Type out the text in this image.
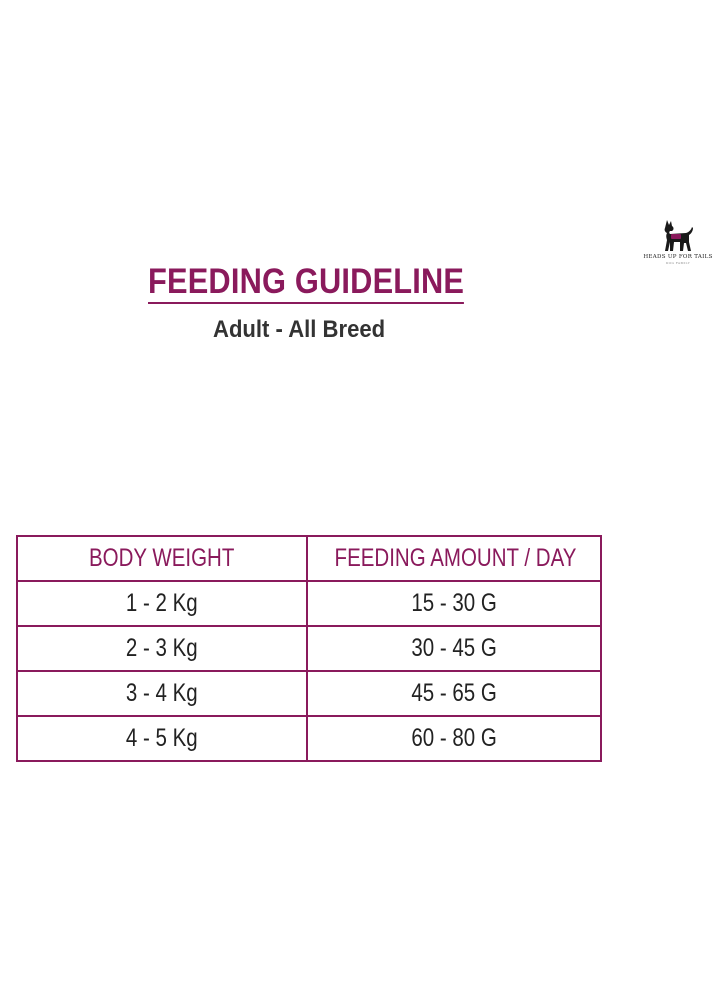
HEADS UP FOR TAILS
DOG FAMILY
FEEDING GUIDELINE
Adult - All Breed
BODY WEIGHT	FEEDING AMOUNT / DAY
1 - 2 Kg	15 - 30 G
2 - 3 Kg	30 - 45 G
3 - 4 Kg	45 - 65 G
4 - 5 Kg	60 - 80 G
